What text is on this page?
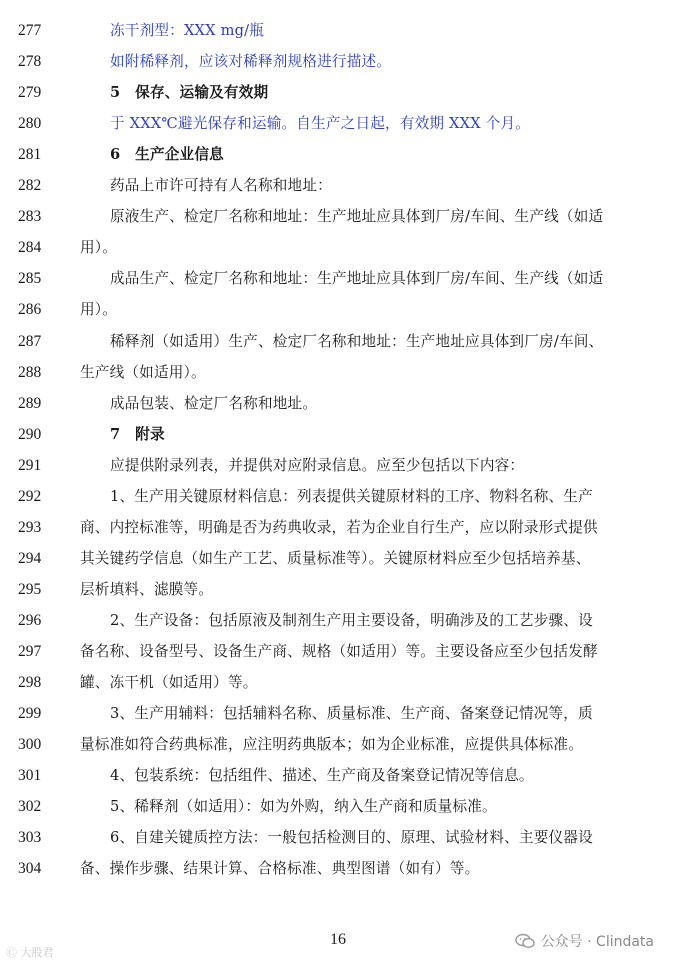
277	冻干剂型：XXX mg/瓶
278	如附稀释剂，应该对稀释剂规格进行描述。
279	5　保存、运输及有效期
280	于 XXX℃避光保存和运输。自生产之日起，有效期 XXX 个月。
281	6　生产企业信息
282	药品上市许可持有人名称和地址：
283	原液生产、检定厂名称和地址：生产地址应具体到厂房/车间、生产线（如适
284	用）。
285	成品生产、检定厂名称和地址：生产地址应具体到厂房/车间、生产线（如适
286	用）。
287	稀释剂（如适用）生产、检定厂名称和地址：生产地址应具体到厂房/车间、
288	生产线（如适用）。
289	成品包装、检定厂名称和地址。
290	7　附录
291	应提供附录列表，并提供对应附录信息。应至少包括以下内容：
292	1、生产用关键原材料信息：列表提供关键原材料的工序、物料名称、生产
293	商、内控标准等，明确是否为药典收录，若为企业自行生产，应以附录形式提供
294	其关键药学信息（如生产工艺、质量标准等）。关键原材料应至少包括培养基、
295	层析填料、滤膜等。
296	2、生产设备：包括原液及制剂生产用主要设备，明确涉及的工艺步骤、设
297	备名称、设备型号、设备生产商、规格（如适用）等。主要设备应至少包括发酵
298	罐、冻干机（如适用）等。
299	3、生产用辅料：包括辅料名称、质量标准、生产商、备案登记情况等，质
300	量标准如符合药典标准，应注明药典版本；如为企业标准，应提供具体标准。
301	4、包装系统：包括组件、描述、生产商及备案登记情况等信息。
302	5、稀释剂（如适用）：如为外购，纳入生产商和质量标准。
303	6、自建关键质控方法：一般包括检测目的、原理、试验材料、主要仪器设
304	备、操作步骤、结果计算、合格标准、典型图谱（如有）等。
16
Ⓒ 大股君
公众号 · Clindata
